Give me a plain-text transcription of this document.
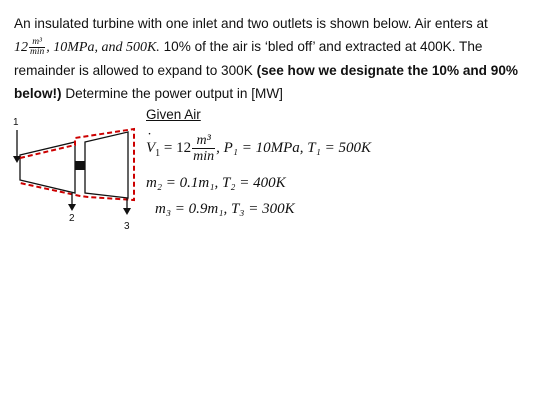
An insulated turbine with one inlet and two outlets is shown below. Air enters at

$12 \frac{\text{m³}}{\min}$ , 10MPa, and 500K. 10% of the air is ‘bled off’ and extracted at 400K. The

remainder is allowed to expand to 300K (see how we designate the 10% and 90%

below!) Determine the power output in [MW]

1
2
3
Given Air
V $˙_1 = 12 \frac{\text{m³}}{\min}$ , P₁ = 10MPa, T₁ = 500K
m₂ = 0.1m₁, T₂ = 400K
m₃ = 0.9m₁, T₃ = 300K
